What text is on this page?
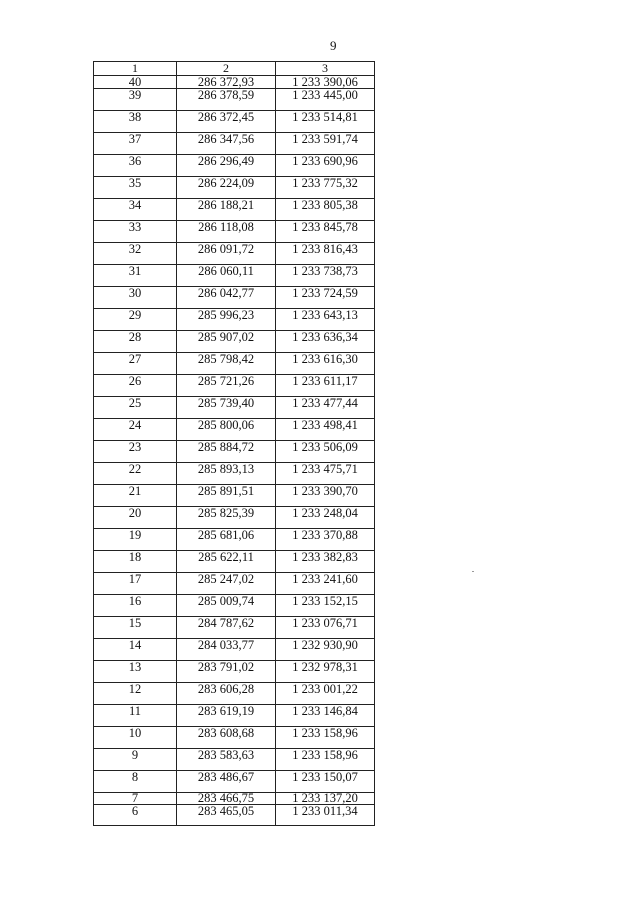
9
1	2	3
40	286 372,93	1 233 390,06
39	286 378,59	1 233 445,00
38	286 372,45	1 233 514,81
37	286 347,56	1 233 591,74
36	286 296,49	1 233 690,96
35	286 224,09	1 233 775,32
34	286 188,21	1 233 805,38
33	286 118,08	1 233 845,78
32	286 091,72	1 233 816,43
31	286 060,11	1 233 738,73
30	286 042,77	1 233 724,59
29	285 996,23	1 233 643,13
28	285 907,02	1 233 636,34
27	285 798,42	1 233 616,30
26	285 721,26	1 233 611,17
25	285 739,40	1 233 477,44
24	285 800,06	1 233 498,41
23	285 884,72	1 233 506,09
22	285 893,13	1 233 475,71
21	285 891,51	1 233 390,70
20	285 825,39	1 233 248,04
19	285 681,06	1 233 370,88
18	285 622,11	1 233 382,83
17	285 247,02	1 233 241,60
16	285 009,74	1 233 152,15
15	284 787,62	1 233 076,71
14	284 033,77	1 232 930,90
13	283 791,02	1 232 978,31
12	283 606,28	1 233 001,22
11	283 619,19	1 233 146,84
10	283 608,68	1 233 158,96
9	283 583,63	1 233 158,96
8	283 486,67	1 233 150,07
7	283 466,75	1 233 137,20
6	283 465,05	1 233 011,34
